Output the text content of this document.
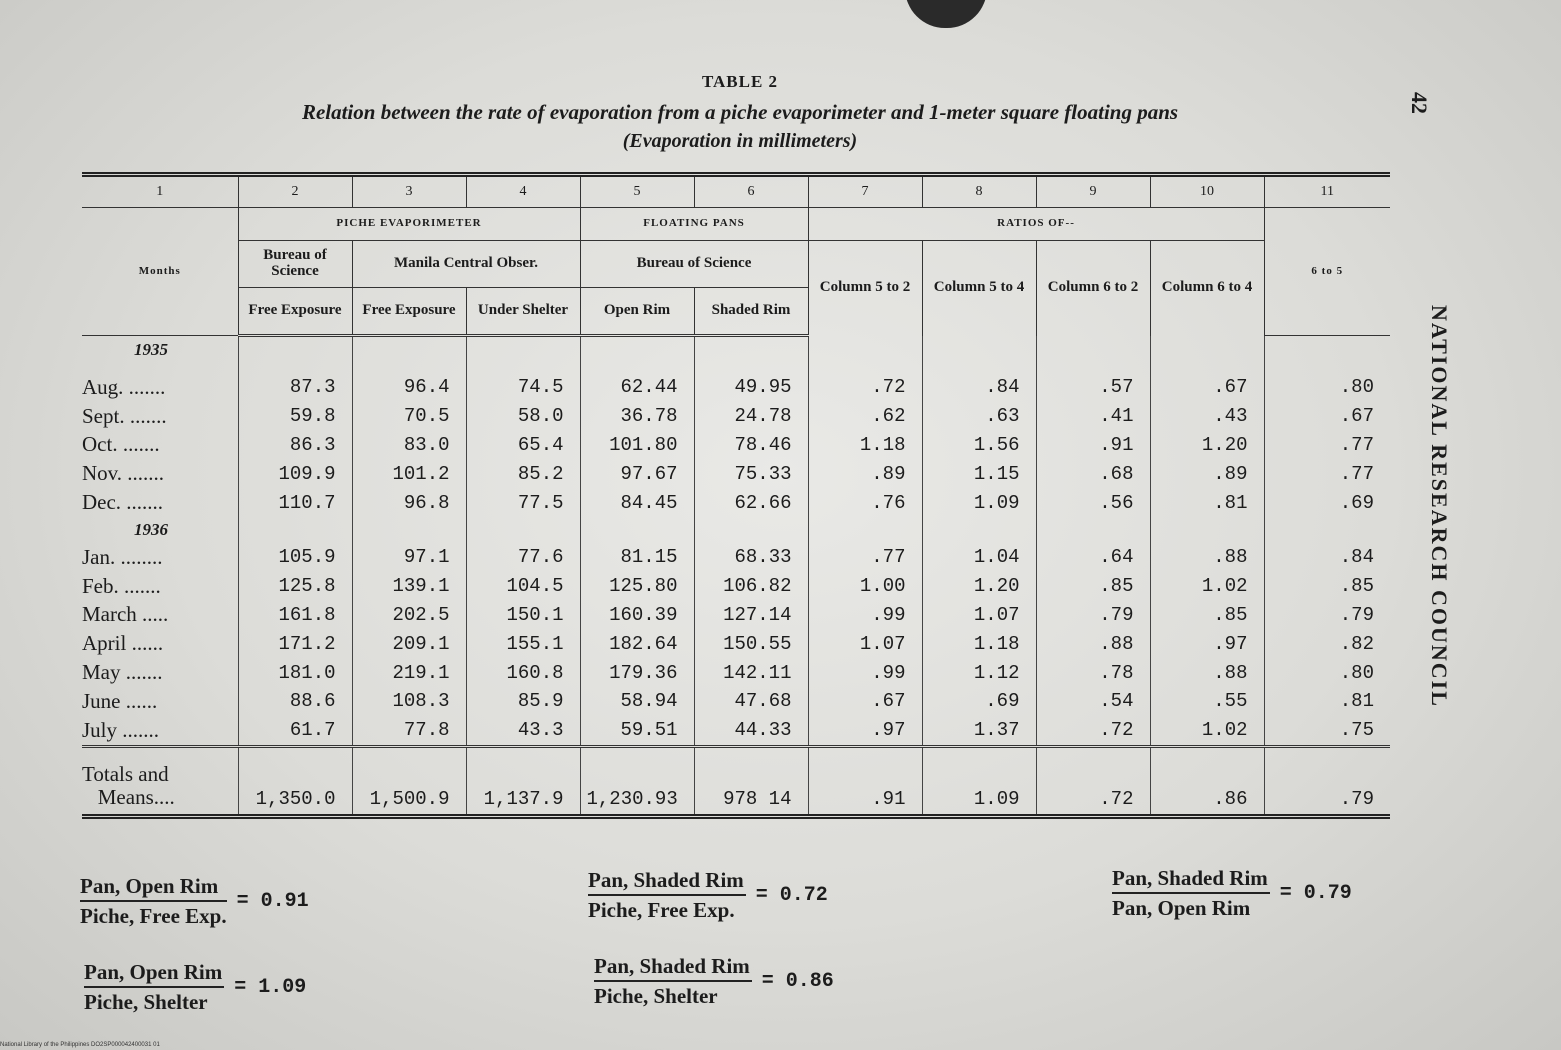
TABLE 2
Relation between the rate of evaporation from a piche evaporimeter and 1-meter square floating pans
(Evaporation in millimeters)
42
NATIONAL RESEARCH COUNCIL
1	2	3	4	5	6	7	8	9	10	11
Months	PICHE EVAPORIMETER			FLOATING PANS		RATIOS OF--				6 to 5
	Bureau of Science	Manila Central Obser.		Bureau of Science		Column 5 to 2	Column 5 to 4	Column 6 to 2	Column 6 to 4	
	Free Exposure	Free Exposure	Under Shelter	Open Rim	Shaded Rim					
1935										
Aug. .......	87.3	96.4	74.5	62.44	49.95	.72	.84	.57	.67	.80
Sept. .......	59.8	70.5	58.0	36.78	24.78	.62	.63	.41	.43	.67
Oct. .......	86.3	83.0	65.4	101.80	78.46	1.18	1.56	.91	1.20	.77
Nov. .......	109.9	101.2	85.2	97.67	75.33	.89	1.15	.68	.89	.77
Dec. .......	110.7	96.8	77.5	84.45	62.66	.76	1.09	.56	.81	.69
1936										
Jan. ........	105.9	97.1	77.6	81.15	68.33	.77	1.04	.64	.88	.84
Feb. .......	125.8	139.1	104.5	125.80	106.82	1.00	1.20	.85	1.02	.85
March .....	161.8	202.5	150.1	160.39	127.14	.99	1.07	.79	.85	.79
April ......	171.2	209.1	155.1	182.64	150.55	1.07	1.18	.88	.97	.82
May .......	181.0	219.1	160.8	179.36	142.11	.99	1.12	.78	.88	.80
June ......	88.6	108.3	85.9	58.94	47.68	.67	.69	.54	.55	.81
July .......	61.7	77.8	43.3	59.51	44.33	.97	1.37	.72	1.02	.75
Totals and
Means....	1,350.0	1,500.9	1,137.9	1,230.93	978 14	.91	1.09	.72	.86	.79
$\frac{\text{Pan, Open Rim}}{\text{Piche, Free Exp.}} = 0.91$	$\frac{\text{Pan, Shaded Rim}}{\text{Piche, Free Exp.}} = 0.72$	$\frac{\text{Pan, Shaded Rim}}{\text{Pan, Open Rim}} = 0.79$
$\frac{\text{Pan, Open Rim}}{\text{Piche, Shelter}} = 1.09$	$\frac{\text{Pan, Shaded Rim}}{\text{Piche, Shelter}} = 0.86$
National Library of the Philippines DO2SP000042400031 01
